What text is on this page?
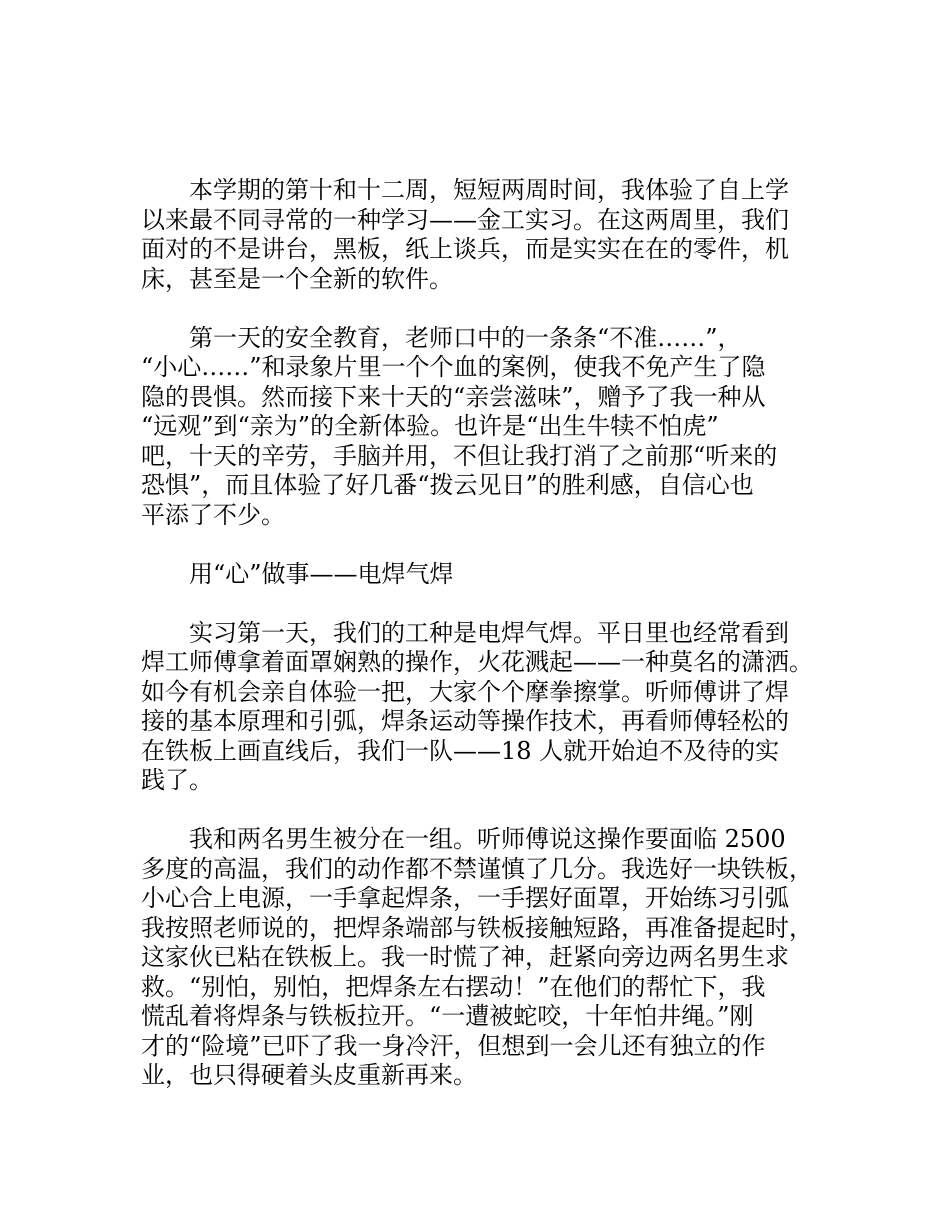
本学期的第十和十二周，短短两周时间，我体验了自上学
以来最不同寻常的一种学习——金工实习。在这两周里，我们
面对的不是讲台，黑板，纸上谈兵，而是实实在在的零件，机
床，甚至是一个全新的软件。
第一天的安全教育，老师口中的一条条“不准……”，
“小心……”和录象片里一个个血的案例，使我不免产生了隐
隐的畏惧。然而接下来十天的“亲尝滋味”，赠予了我一种从
“远观”到“亲为”的全新体验。也许是“出生牛犊不怕虎”
吧，十天的辛劳，手脑并用，不但让我打消了之前那“听来的
恐惧”，而且体验了好几番“拨云见日”的胜利感，自信心也
平添了不少。
用“心”做事——电焊气焊
实习第一天，我们的工种是电焊气焊。平日里也经常看到
焊工师傅拿着面罩娴熟的操作，火花溅起——一种莫名的潇洒。
如今有机会亲自体验一把，大家个个摩拳擦掌。听师傅讲了焊
接的基本原理和引弧，焊条运动等操作技术，再看师傅轻松的
在铁板上画直线后，我们一队——18 人就开始迫不及待的实
践了。
我和两名男生被分在一组。听师傅说这操作要面临 2500
多度的高温，我们的动作都不禁谨慎了几分。我选好一块铁板，
小心合上电源，一手拿起焊条，一手摆好面罩，开始练习引弧
我按照老师说的，把焊条端部与铁板接触短路，再准备提起时，
这家伙已粘在铁板上。我一时慌了神，赶紧向旁边两名男生求
救。“别怕，别怕，把焊条左右摆动！”在他们的帮忙下，我
慌乱着将焊条与铁板拉开。“一遭被蛇咬，十年怕井绳。”刚
才的“险境”已吓了我一身冷汗，但想到一会儿还有独立的作
业，也只得硬着头皮重新再来。
